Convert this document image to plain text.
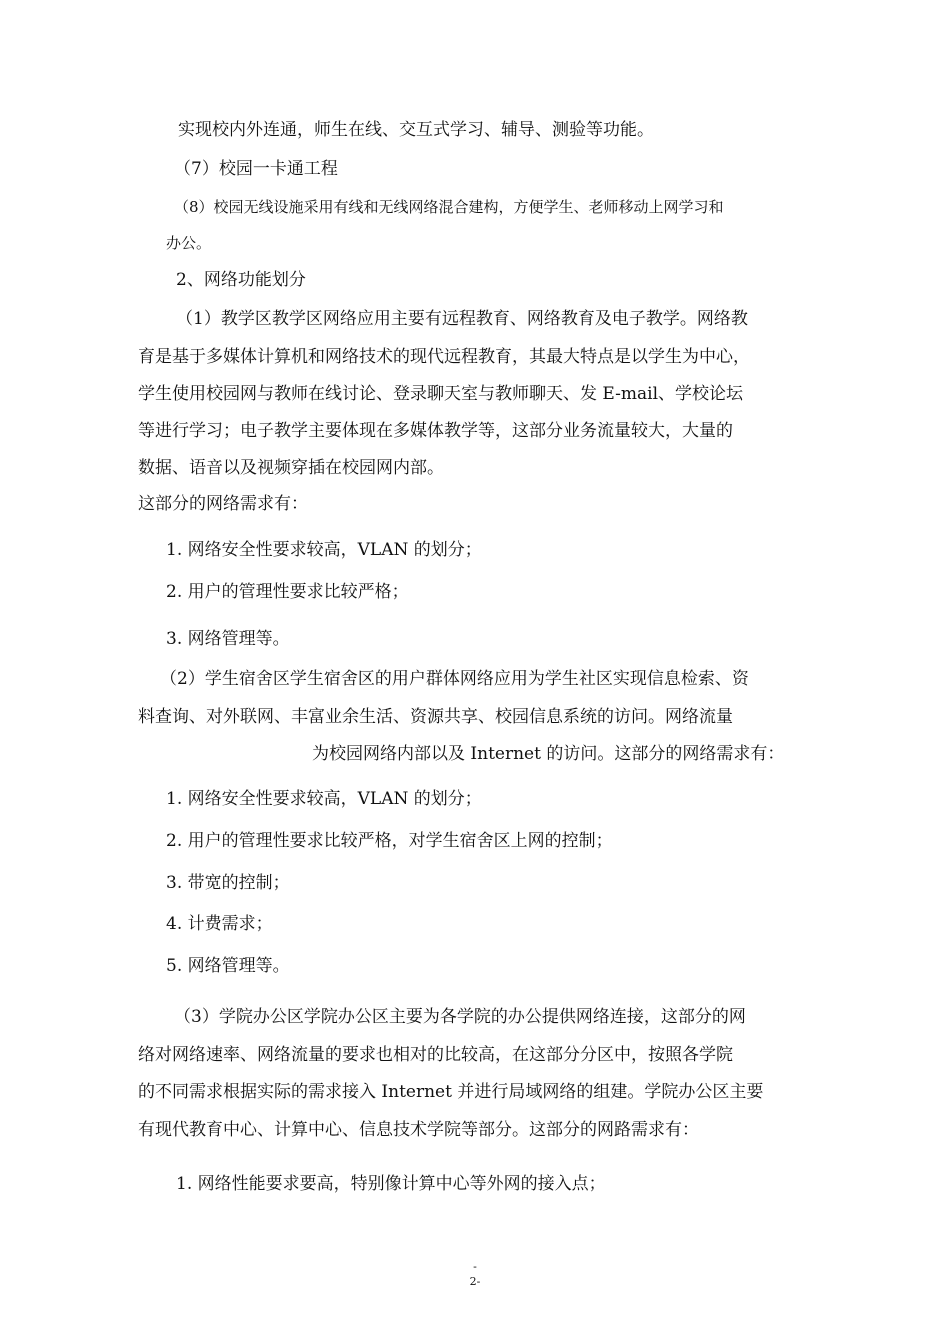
实现校内外连通，师生在线、交互式学习、辅导、测验等功能。
（7）校园一卡通工程
（8）校园无线设施采用有线和无线网络混合建构，方便学生、老师移动上网学习和
办公。
2、网络功能划分
（1）教学区教学区网络应用主要有远程教育、网络教育及电子教学。网络教
育是基于多媒体计算机和网络技术的现代远程教育，其最大特点是以学生为中心，
学生使用校园网与教师在线讨论、登录聊天室与教师聊天、发 E-mail、学校论坛
等进行学习；电子教学主要体现在多媒体教学等，这部分业务流量较大，大量的
数据、语音以及视频穿插在校园网内部。
这部分的网络需求有：
1. 网络安全性要求较高，VLAN 的划分；
2. 用户的管理性要求比较严格；
3. 网络管理等。
（2）学生宿舍区学生宿舍区的用户群体网络应用为学生社区实现信息检索、资
料查询、对外联网、丰富业余生活、资源共享、校园信息系统的访问。网络流量
为校园网络内部以及 Internet 的访问。这部分的网络需求有：
1. 网络安全性要求较高，VLAN 的划分；
2. 用户的管理性要求比较严格，对学生宿舍区上网的控制；
3. 带宽的控制；
4. 计费需求；
5. 网络管理等。
（3）学院办公区学院办公区主要为各学院的办公提供网络连接，这部分的网
络对网络速率、网络流量的要求也相对的比较高，在这部分分区中，按照各学院
的不同需求根据实际的需求接入 Internet 并进行局域网络的组建。学院办公区主要
有现代教育中心、计算中心、信息技术学院等部分。这部分的网路需求有：
1. 网络性能要求要高，特别像计算中心等外网的接入点；
-
2-
